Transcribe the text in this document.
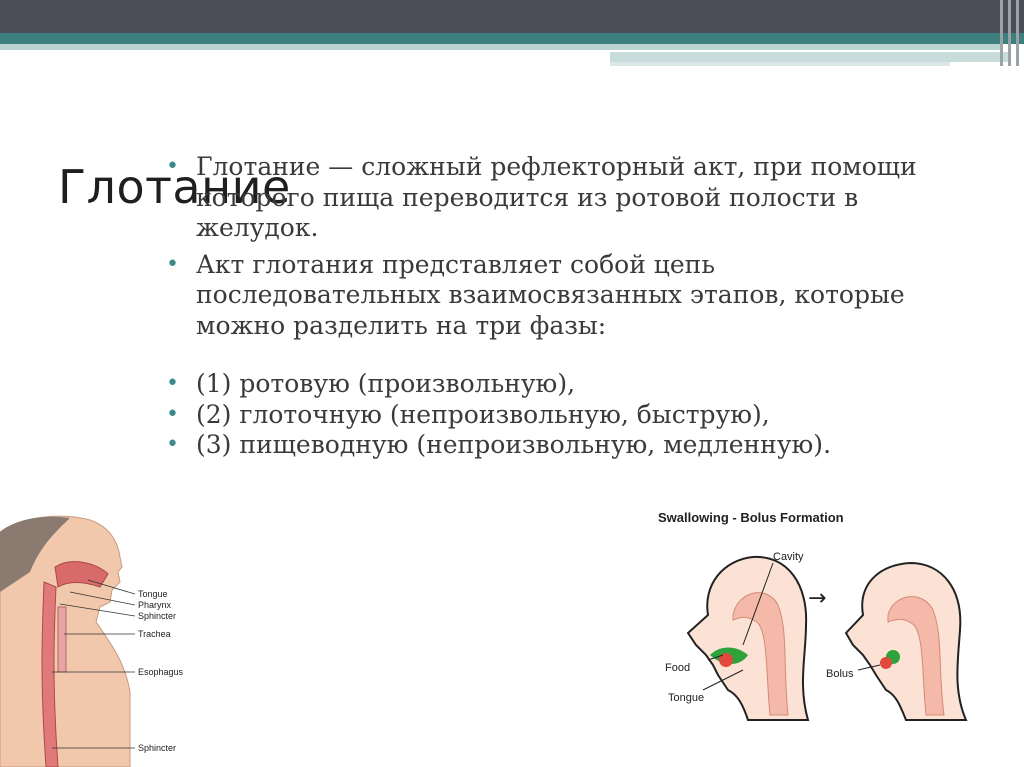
Глотание
• Глотание — сложный рефлекторный акт, при помощи которого пища переводится из ротовой полости в желудок.
• Акт глотания представляет собой цепь последовательных взаимосвязанных этапов, которые можно разделить на три фазы:
• (1) ротовую (произвольную),
• (2) глоточную (непроизвольную, быструю),
• (3) пищеводную (непроизвольную, медленную).
Tongue
Pharynx
Sphincter
Trachea
Esophagus
Sphincter
Swallowing - Bolus Formation
Cavity
Food
Tongue
→
Bolus
